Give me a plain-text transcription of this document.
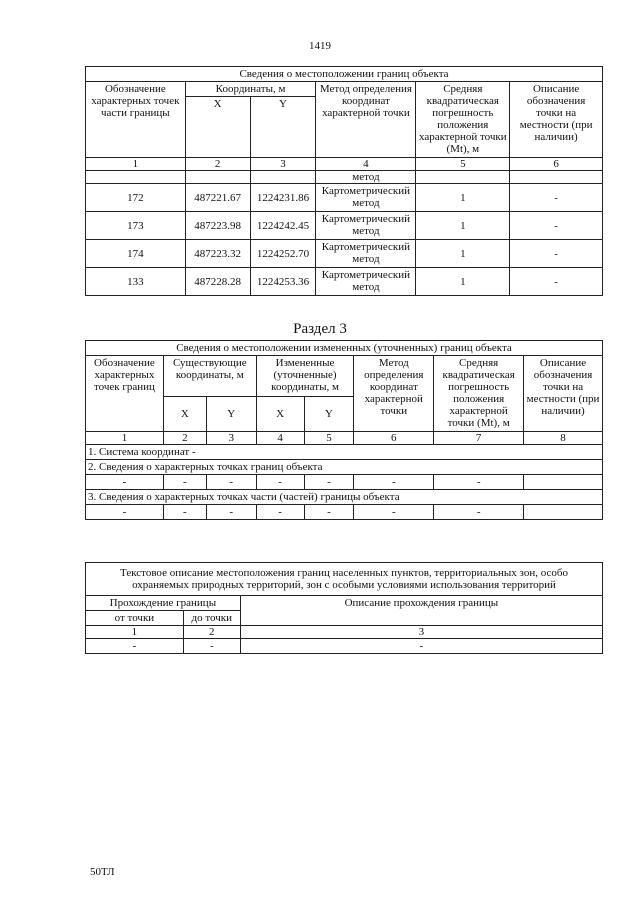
1419
Сведения о местоположении границ объекта					
Обозначение характерных точек части границы	Координаты, м		Метод определения координат характерной точки	Средняя квадратическая погрешность положения характерной точки (Mt), м	Описание обозначения точки на местности (при наличии)
	X	Y			
1	2	3	4	5	6
			метод		
172	487221.67	1224231.86	Картометрический метод	1	-
173	487223.98	1224242.45	Картометрический метод	1	-
174	487223.32	1224252.70	Картометрический метод	1	-
133	487228.28	1224253.36	Картометрический метод	1	-
Раздел 3
Сведения о местоположении измененных (уточненных) границ объекта							
Обозначение характерных точек границ	Существующие координаты, м		Измененные (уточненные) координаты, м		Метод определения координат характерной точки	Средняя квадратическая погрешность положения характерной точки (Mt), м	Описание обозначения точки на местности (при наличии)
	X	Y	X	Y			
1	2	3	4	5	6	7	8
1. Система координат -							
2. Сведения о характерных точках границ объекта							
-	-	-	-	-	-	-	
3. Сведения о характерных точках части (частей) границы объекта							
-	-	-	-	-	-	-	
Текстовое описание местоположения границ населенных пунктов, территориальных зон, особо охраняемых природных территорий, зон с особыми условиями использования территорий		
Прохождение границы		Описание прохождения границы
от точки	до точки	
1	2	3
-	-	-
50ТЛ
